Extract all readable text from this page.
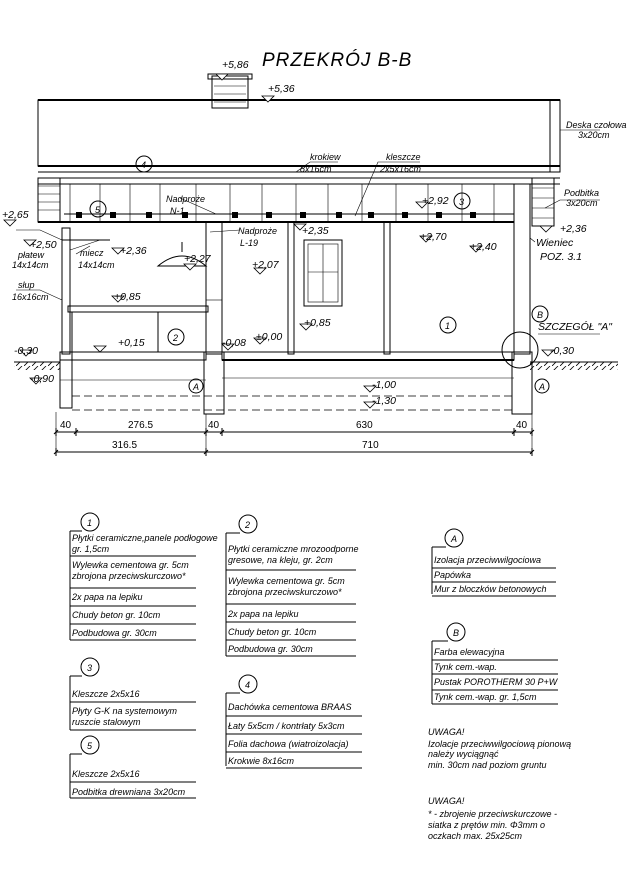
PRZEKRÓJ B-B
+5,86
+5,36
+2,65
+2,50	+2,36
+2,27
+2,35
+2,07
+2,92
+2,70
+2,40
+2,36
+0,85
+0,85
+0,15	±0,00
-0,08
-0,30	-0,30
-0,90	-1,00
-1,30
Deska czołowa
3x20cm
krokiew
8x16cm
kleszcze
2x5x16cm
Podbitka
3x20cm
Nadproże
N-1
Nadproże
L-19
płatew
14x14cm
miecz
14x14cm
słup
16x16cm
Wieniec
POZ. 3.1
SZCZEGÓŁ "A"
4
5
3
1
2
B
A	A
40	276.5	40	630	40
316.5	710
1
Płytki ceramiczne,panele podłogowe
gr. 1,5cm
Wylewka cementowa gr. 5cm
zbrojona przeciwskurczowo*
2x papa na lepiku
Chudy beton gr. 10cm
Podbudowa gr. 30cm
2
Płytki ceramiczne mrozoodporne
gresowe, na kleju, gr. 2cm
Wylewka cementowa gr. 5cm
zbrojona przeciwskurczowo*
2x papa na lepiku
Chudy beton gr. 10cm
Podbudowa gr. 30cm
3
Kleszcze 2x5x16
Płyty G-K na systemowym
ruszcie stalowym
4
Dachówka cementowa BRAAS
Łaty 5x5cm / kontrłaty 5x3cm
Folia dachowa (wiatroizolacja)
Krokwie 8x16cm
5
Kleszcze 2x5x16
Podbitka drewniana 3x20cm
A
Izolacja przeciwwilgociowa
Papówka
Mur z bloczków betonowych
B
Farba elewacyjna
Tynk cem.-wap.
Pustak POROTHERM 30 P+W
Tynk cem.-wap. gr. 1,5cm
UWAGA!
Izolacje przeciwwilgociową pionową
należy wyciągnąć
min. 30cm nad poziom gruntu
UWAGA!
* - zbrojenie przeciwskurczowe -
siatka z prętów min. Φ3mm o
oczkach max. 25x25cm
